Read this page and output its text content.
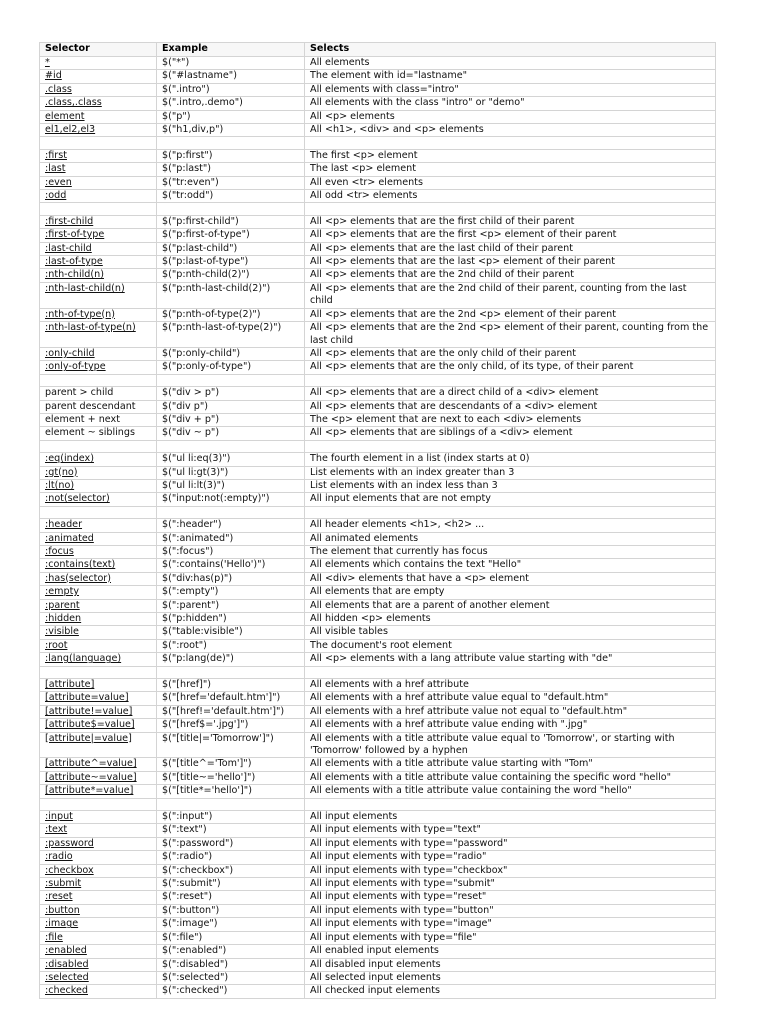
Selector	Example	Selects
*	$("*")	All elements
#id	$("#lastname")	The element with id="lastname"
.class	$(".intro")	All elements with class="intro"
.class,.class	$(".intro,.demo")	All elements with the class "intro" or "demo"
element	$("p")	All <p> elements
el1,el2,el3	$("h1,div,p")	All <h1>, <div> and <p> elements

:first	$("p:first")	The first <p> element
:last	$("p:last")	The last <p> element
:even	$("tr:even")	All even <tr> elements
:odd	$("tr:odd")	All odd <tr> elements

:first-child	$("p:first-child")	All <p> elements that are the first child of their parent
:first-of-type	$("p:first-of-type")	All <p> elements that are the first <p> element of their parent
:last-child	$("p:last-child")	All <p> elements that are the last child of their parent
:last-of-type	$("p:last-of-type")	All <p> elements that are the last <p> element of their parent
:nth-child(n)	$("p:nth-child(2)")	All <p> elements that are the 2nd child of their parent
:nth-last-child(n)	$("p:nth-last-child(2)")	All <p> elements that are the 2nd child of their parent, counting from the last child
:nth-of-type(n)	$("p:nth-of-type(2)")	All <p> elements that are the 2nd <p> element of their parent
:nth-last-of-type(n)	$("p:nth-last-of-type(2)")	All <p> elements that are the 2nd <p> element of their parent, counting from the last child
:only-child	$("p:only-child")	All <p> elements that are the only child of their parent
:only-of-type	$("p:only-of-type")	All <p> elements that are the only child, of its type, of their parent

parent > child	$("div > p")	All <p> elements that are a direct child of a <div> element
parent descendant	$("div p")	All <p> elements that are descendants of a <div> element
element + next	$("div + p")	The <p> element that are next to each <div> elements
element ~ siblings	$("div ~ p")	All <p> elements that are siblings of a <div> element

:eq(index)	$("ul li:eq(3)")	The fourth element in a list (index starts at 0)
:gt(no)	$("ul li:gt(3)")	List elements with an index greater than 3
:lt(no)	$("ul li:lt(3)")	List elements with an index less than 3
:not(selector)	$("input:not(:empty)")	All input elements that are not empty

:header	$(":header")	All header elements <h1>, <h2> ...
:animated	$(":animated")	All animated elements
:focus	$(":focus")	The element that currently has focus
:contains(text)	$(":contains('Hello')")	All elements which contains the text "Hello"
:has(selector)	$("div:has(p)")	All <div> elements that have a <p> element
:empty	$(":empty")	All elements that are empty
:parent	$(":parent")	All elements that are a parent of another element
:hidden	$("p:hidden")	All hidden <p> elements
:visible	$("table:visible")	All visible tables
:root	$(":root")	The document's root element
:lang(language)	$("p:lang(de)")	All <p> elements with a lang attribute value starting with "de"

[attribute]	$("[href]")	All elements with a href attribute
[attribute=value]	$("[href='default.htm']")	All elements with a href attribute value equal to "default.htm"
[attribute!=value]	$("[href!='default.htm']")	All elements with a href attribute value not equal to "default.htm"
[attribute$=value]	$("[href$='.jpg']")	All elements with a href attribute value ending with ".jpg"
[attribute|=value]	$("[title|='Tomorrow']")	All elements with a title attribute value equal to 'Tomorrow', or starting with 'Tomorrow' followed by a hyphen
[attribute^=value]	$("[title^='Tom']")	All elements with a title attribute value starting with "Tom"
[attribute~=value]	$("[title~='hello']")	All elements with a title attribute value containing the specific word "hello"
[attribute*=value]	$("[title*='hello']")	All elements with a title attribute value containing the word "hello"

:input	$(":input")	All input elements
:text	$(":text")	All input elements with type="text"
:password	$(":password")	All input elements with type="password"
:radio	$(":radio")	All input elements with type="radio"
:checkbox	$(":checkbox")	All input elements with type="checkbox"
:submit	$(":submit")	All input elements with type="submit"
:reset	$(":reset")	All input elements with type="reset"
:button	$(":button")	All input elements with type="button"
:image	$(":image")	All input elements with type="image"
:file	$(":file")	All input elements with type="file"
:enabled	$(":enabled")	All enabled input elements
:disabled	$(":disabled")	All disabled input elements
:selected	$(":selected")	All selected input elements
:checked	$(":checked")	All checked input elements
